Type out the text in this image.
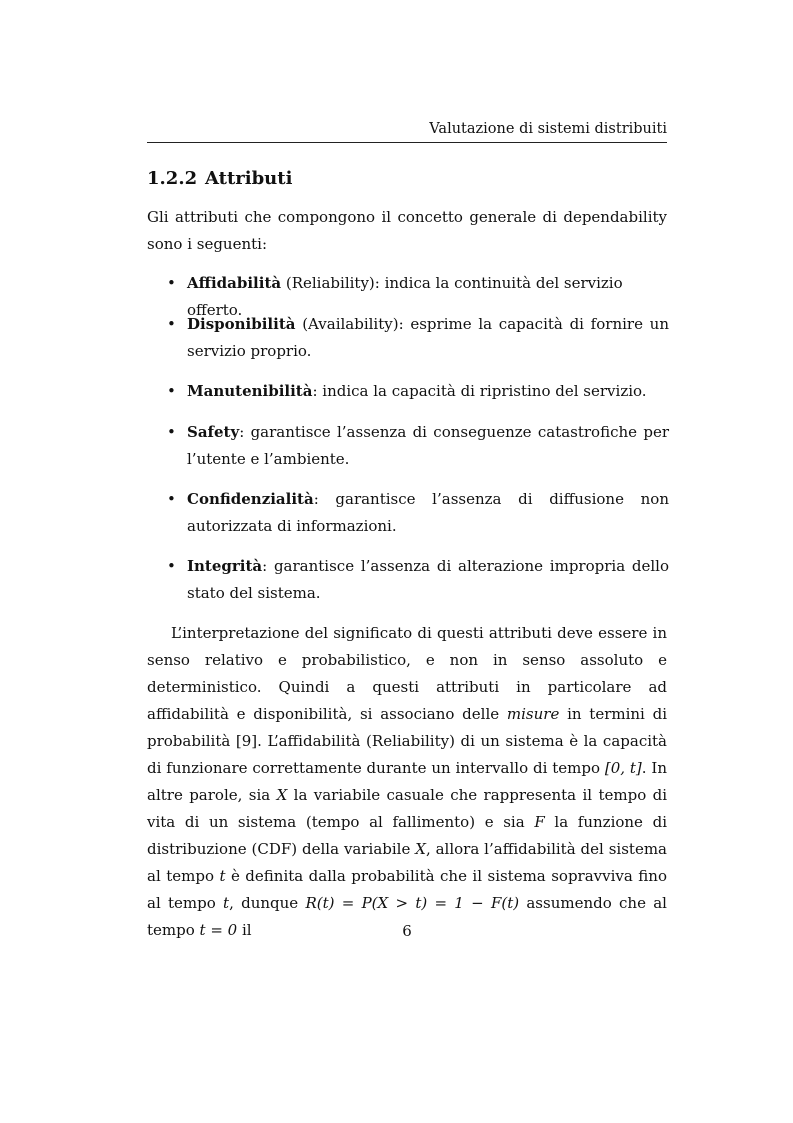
Valutazione di sistemi distribuiti
1.2.2 Attributi

Gli attributi che compongono il concetto generale di dependability sono i seguenti:

• Affidabilità (Reliability): indica la continuità del servizio offerto.
• Disponibilità (Availability): esprime la capacità di fornire un servizio proprio.
• Manutenibilità: indica la capacità di ripristino del servizio.
• Safety: garantisce l’assenza di conseguenze catastrofiche per l’utente e l’ambiente.
• Confidenzialità: garantisce l’assenza di diffusione non autorizzata di informazioni.
• Integrità: garantisce l’assenza di alterazione impropria dello stato del sistema.

L’interpretazione del significato di questi attributi deve essere in senso relativo e probabilistico, e non in senso assoluto e deterministico. Quindi a questi attributi in particolare ad affidabilità e disponibilità, si associano delle misure in termini di probabilità [9]. L’affidabilità (Reliability) di un sistema è la capacità di funzionare correttamente durante un intervallo di tempo [0, t]. In altre parole, sia X la variabile casuale che rappresenta il tempo di vita di un sistema (tempo al fallimento) e sia F la funzione di distribuzione (CDF) della variabile X, allora l’affidabilità del sistema al tempo t è definita dalla probabilità che il sistema sopravviva fino al tempo t, dunque R(t) = P(X > t) = 1 − F(t) assumendo che al tempo t = 0 il	6
